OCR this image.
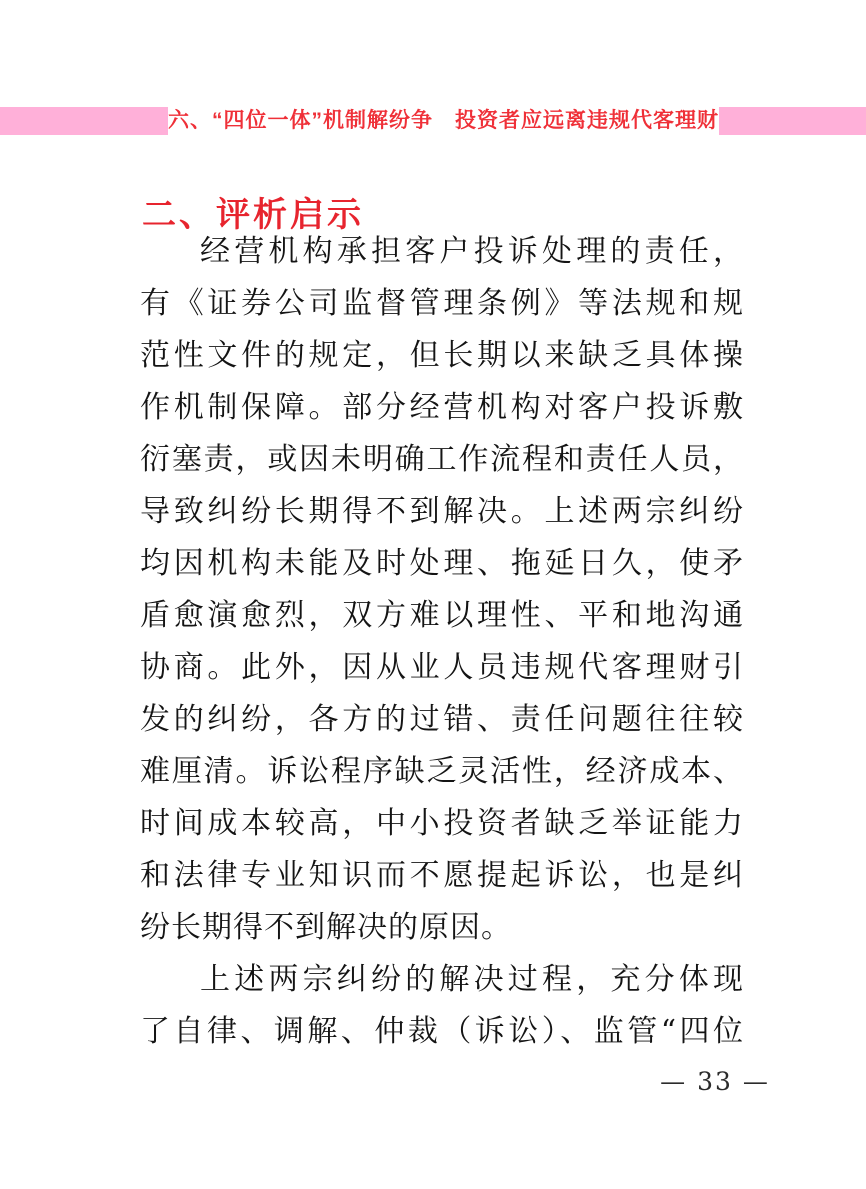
六、“四位一体”机制解纷争　投资者应远离违规代客理财
二、评析启示
经营机构承担客户投诉处理的责任，
有《证券公司监督管理条例》等法规和规
范性文件的规定，但长期以来缺乏具体操
作机制保障。部分经营机构对客户投诉敷
衍塞责，或因未明确工作流程和责任人员，
导致纠纷长期得不到解决。上述两宗纠纷
均因机构未能及时处理、拖延日久，使矛
盾愈演愈烈，双方难以理性、平和地沟通
协商。此外，因从业人员违规代客理财引
发的纠纷，各方的过错、责任问题往往较
难厘清。诉讼程序缺乏灵活性，经济成本、
时间成本较高，中小投资者缺乏举证能力
和法律专业知识而不愿提起诉讼，也是纠
纷长期得不到解决的原因。
上述两宗纠纷的解决过程，充分体现
了自律、调解、仲裁（诉讼）、监管“四位
— 33 —
